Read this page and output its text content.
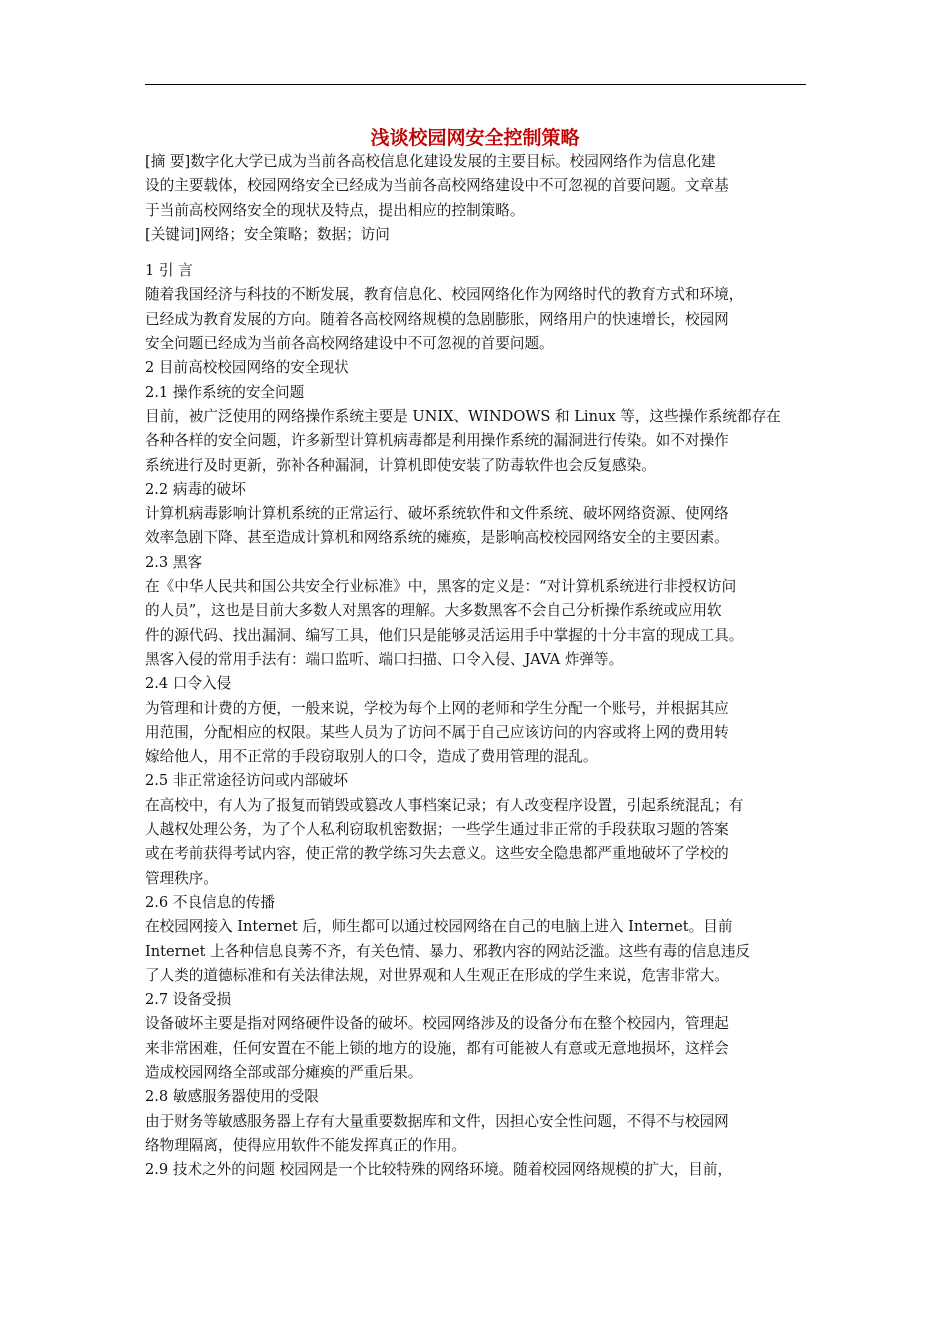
浅谈校园网安全控制策略
[摘 要]数字化大学已成为当前各高校信息化建设发展的主要目标。校园网络作为信息化建
设的主要载体，校园网络安全已经成为当前各高校网络建设中不可忽视的首要问题。文章基
于当前高校网络安全的现状及特点，提出相应的控制策略。
[关键词]网络；安全策略；数据；访问
1 引 言
随着我国经济与科技的不断发展，教育信息化、校园网络化作为网络时代的教育方式和环境，
已经成为教育发展的方向。随着各高校网络规模的急剧膨胀，网络用户的快速增长，校园网
安全问题已经成为当前各高校网络建设中不可忽视的首要问题。
2 目前高校校园网络的安全现状
2.1 操作系统的安全问题
目前，被广泛使用的网络操作系统主要是 UNIX、WINDOWS 和 Linux 等，这些操作系统都存在
各种各样的安全问题，许多新型计算机病毒都是利用操作系统的漏洞进行传染。如不对操作
系统进行及时更新，弥补各种漏洞，计算机即使安装了防毒软件也会反复感染。
2.2 病毒的破坏
计算机病毒影响计算机系统的正常运行、破坏系统软件和文件系统、破坏网络资源、使网络
效率急剧下降、甚至造成计算机和网络系统的瘫痪，是影响高校校园网络安全的主要因素。
2.3 黑客
在《中华人民共和国公共安全行业标准》中，黑客的定义是：“对计算机系统进行非授权访问
的人员”，这也是目前大多数人对黑客的理解。大多数黑客不会自己分析操作系统或应用软
件的源代码、找出漏洞、编写工具，他们只是能够灵活运用手中掌握的十分丰富的现成工具。
黑客入侵的常用手法有：端口监听、端口扫描、口令入侵、JAVA 炸弹等。
2.4 口令入侵
为管理和计费的方便，一般来说，学校为每个上网的老师和学生分配一个账号，并根据其应
用范围，分配相应的权限。某些人员为了访问不属于自己应该访问的内容或将上网的费用转
嫁给他人，用不正常的手段窃取别人的口令，造成了费用管理的混乱。
2.5 非正常途径访问或内部破坏
在高校中，有人为了报复而销毁或篡改人事档案记录；有人改变程序设置，引起系统混乱；有
人越权处理公务，为了个人私利窃取机密数据；一些学生通过非正常的手段获取习题的答案
或在考前获得考试内容，使正常的教学练习失去意义。这些安全隐患都严重地破坏了学校的
管理秩序。
2.6 不良信息的传播
在校园网接入 Internet 后，师生都可以通过校园网络在自己的电脑上进入 Internet。目前
Internet 上各种信息良莠不齐，有关色情、暴力、邪教内容的网站泛滥。这些有毒的信息违反
了人类的道德标准和有关法律法规，对世界观和人生观正在形成的学生来说，危害非常大。
2.7 设备受损
设备破坏主要是指对网络硬件设备的破坏。校园网络涉及的设备分布在整个校园内，管理起
来非常困难，任何安置在不能上锁的地方的设施，都有可能被人有意或无意地损坏，这样会
造成校园网络全部或部分瘫痪的严重后果。
2.8 敏感服务器使用的受限
由于财务等敏感服务器上存有大量重要数据库和文件，因担心安全性问题，不得不与校园网
络物理隔离，使得应用软件不能发挥真正的作用。
2.9 技术之外的问题 校园网是一个比较特殊的网络环境。随着校园网络规模的扩大，目前，
